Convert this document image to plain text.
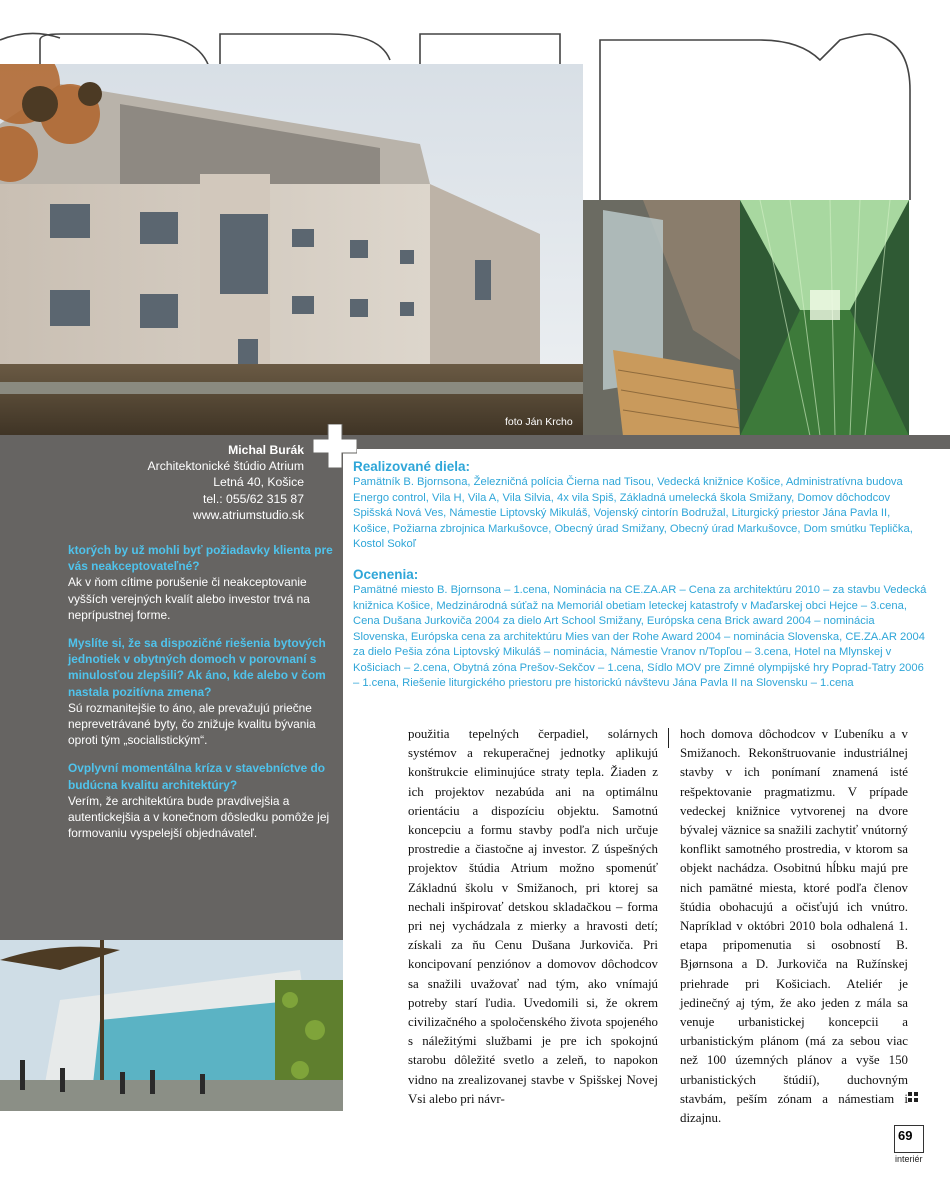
foto Ján Krcho
Michal Burák
Architektonické štúdio Atrium
Letná 40, Košice
tel.: 055/62 315 87
www.atriumstudio.sk

ktorých by už mohli byť požiadavky klienta pre vás neakceptovateľné?

Ak v ňom cítime porušenie či neakceptovanie vyšších verejných kvalít alebo investor trvá na neprípustnej forme.

Myslíte si, že sa dispozičné riešenia bytových jednotiek v obytných domoch v porovnaní s minulosťou zlepšili? Ak áno, kde alebo v čom nastala pozitívna zmena?

Sú rozmanitejšie to áno, ale prevažujú priečne neprevetrávané byty, čo znižuje kvalitu bývania oproti tým „socialistickým“.

Ovplyvní momentálna kríza v stavebníctve do budúcna kvalitu architektúry?

Verím, že architektúra bude pravdivejšia a autentickejšia a v konečnom dôsledku pomôže jej formovaniu vyspelejší objednávateľ.

Realizované diela:

Pamätník B. Bjornsona, Železničná polícia Čierna nad Tisou, Vedecká knižnice Košice, Administratívna budova Energo control, Vila H, Vila A, Vila Silvia, 4x vila Spiš, Základná umelecká škola Smižany, Domov dôchodcov Spišská Nová Ves, Námestie Liptovský Mikuláš, Vojenský cintorín Bodružal, Liturgický priestor Jána Pavla II, Košice, Požiarna zbrojnica Markušovce, Obecný úrad Smižany, Obecný úrad Markušovce, Dom smútku Teplička, Kostol Sokoľ

Ocenenia:

Pamätné miesto B. Bjornsona – 1.cena, Nominácia na CE.ZA.AR – Cena za architektúru 2010 – za stavbu Vedecká knižnica Košice, Medzinárodná súťaž na Memoriál obetiam leteckej katastrofy v Maďarskej obci Hejce – 3.cena, Cena Dušana Jurkoviča 2004 za dielo Art School Smižany, Európska cena Brick award 2004 – nominácia Slovenska, Európska cena za architektúru Mies van der Rohe Award 2004 – nominácia Slovenska, CE.ZA.AR 2004 za dielo Pešia zóna Liptovský Mikuláš – nominácia, Námestie Vranov n/Topľou – 3.cena, Hotel na Mlynskej v Košiciach – 2.cena, Obytná zóna Prešov-Sekčov – 1.cena, Sídlo MOV pre Zimné olympijské hry Poprad-Tatry 2006 – 1.cena, Riešenie liturgického priestoru pre historickú návštevu Jána Pavla II na Slovensku – 1.cena

použitia tepelných čerpadiel, solárnych systémov a rekuperačnej jednotky aplikujú konštrukcie eliminujúce straty tepla. Žiaden z ich projektov nezabúda ani na optimálnu orientáciu a dispozíciu objektu. Samotnú koncepciu a formu stavby podľa nich určuje prostredie a čiastočne aj investor. Z úspešných projektov štúdia Atrium možno spomenúť Základnú školu v Smižanoch, pri ktorej sa nechali inšpirovať detskou skladačkou – forma pri nej vychádzala z mierky a hravosti detí; získali za ňu Cenu Dušana Jurkoviča. Pri koncipovaní penziónov a domovov dôchodcov sa snažili uvažovať nad tým, ako vnímajú potreby starí ľudia. Uvedomili si, že okrem civilizačného a spoločenského života spojeného s náležitými službami je pre ich spokojnú starobu dôležité svetlo a zeleň, to napokon vidno na zrealizovanej stavbe v Spišskej Novej Vsi alebo pri návr-
hoch domova dôchodcov v Ľubeníku a v Smižanoch. Rekonštruovanie industriálnej stavby v ich ponímaní znamená isté rešpektovanie pragmatizmu. V prípade vedeckej knižnice vytvorenej na dvore bývalej väznice sa snažili zachytiť vnútorný konflikt samotného prostredia, v ktorom sa objekt nachádza. Osobitnú hĺbku majú pre nich pamätné miesta, ktoré podľa členov štúdia obohacujú a očisťujú ich vnútro. Napríklad v októbri 2010 bola odhalená 1. etapa pripomenutia si osobností B. Bjørnsona a D. Jurkoviča na Ružínskej priehrade pri Košiciach. Ateliér je jedinečný aj tým, že ako jeden z mála sa venuje urbanistickej koncepcii a urbanistickým plánom (má za sebou viac než 100 územných plánov a vyše 150 urbanistických štúdií), duchovným stavbám, peším zónam a námestiam i dizajnu.
69
interiér
